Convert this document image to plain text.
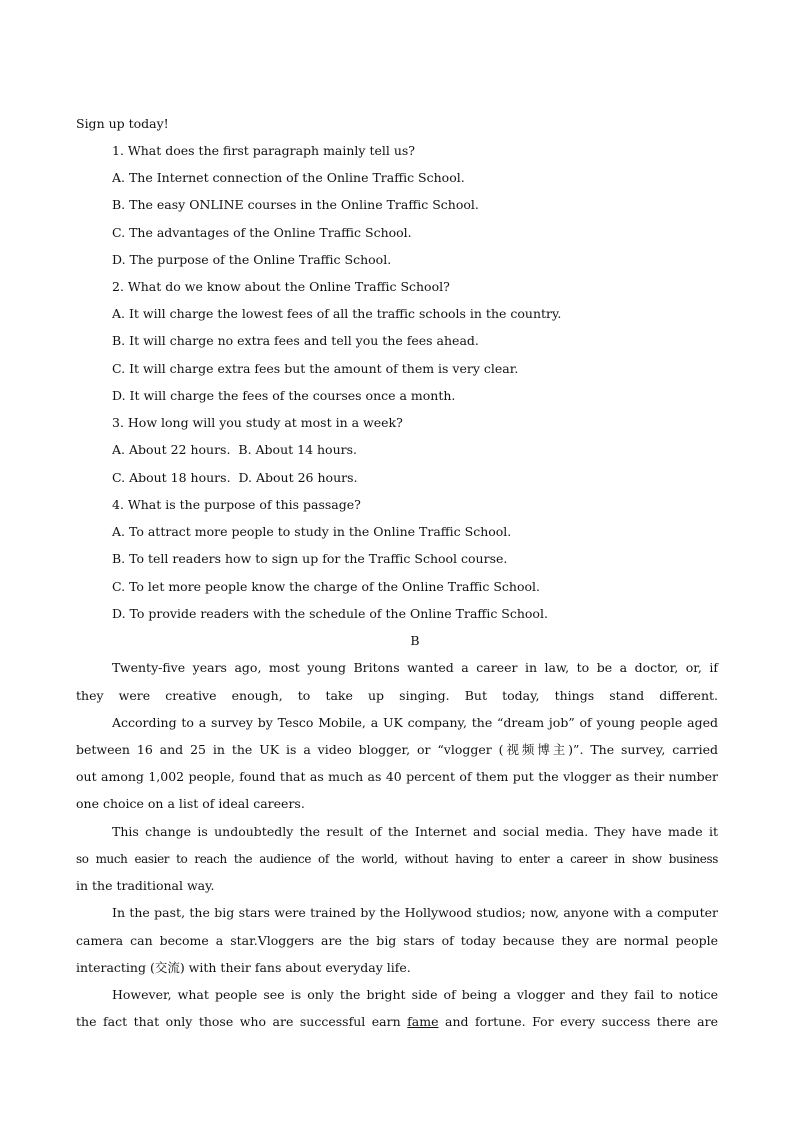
Sign up today!
1. What does the first paragraph mainly tell us?
A. The Internet connection of the Online Traffic School.
B. The easy ONLINE courses in the Online Traffic School.
C. The advantages of the Online Traffic School.
D. The purpose of the Online Traffic School.
2. What do we know about the Online Traffic School?
A. It will charge the lowest fees of all the traffic schools in the country.
B. It will charge no extra fees and tell you the fees ahead.
C. It will charge extra fees but the amount of them is very clear.
D. It will charge the fees of the courses once a month.
3. How long will you study at most in a week?
A. About 22 hours.  B. About 14 hours.
C. About 18 hours.  D. About 26 hours.
4. What is the purpose of this passage?
A. To attract more people to study in the Online Traffic School.
B. To tell readers how to sign up for the Traffic School course.
C. To let more people know the charge of the Online Traffic School.
D. To provide readers with the schedule of the Online Traffic School.
B
Twenty-five years ago, most young Britons wanted a career in law, to be a doctor, or, if
they were creative enough, to take up singing. But today, things stand different.
According to a survey by Tesco Mobile, a UK company, the “dream job” of young people aged
between 16 and 25 in the UK is a video blogger, or “vlogger (视频博主)”. The survey, carried
out among 1,002 people, found that as much as 40 percent of them put the vlogger as their number
one choice on a list of ideal careers.
This change is undoubtedly the result of the Internet and social media. They have made it
so much easier to reach the audience of the world, without having to enter a career in show business
in the traditional way.
In the past, the big stars were trained by the Hollywood studios; now, anyone with a computer
camera can become a star.Vloggers are the big stars of today because they are normal people
interacting (交流) with their fans about everyday life.
However, what people see is only the bright side of being a vlogger and they fail to notice
the fact that only those who are successful earn fame and fortune. For every success there are
